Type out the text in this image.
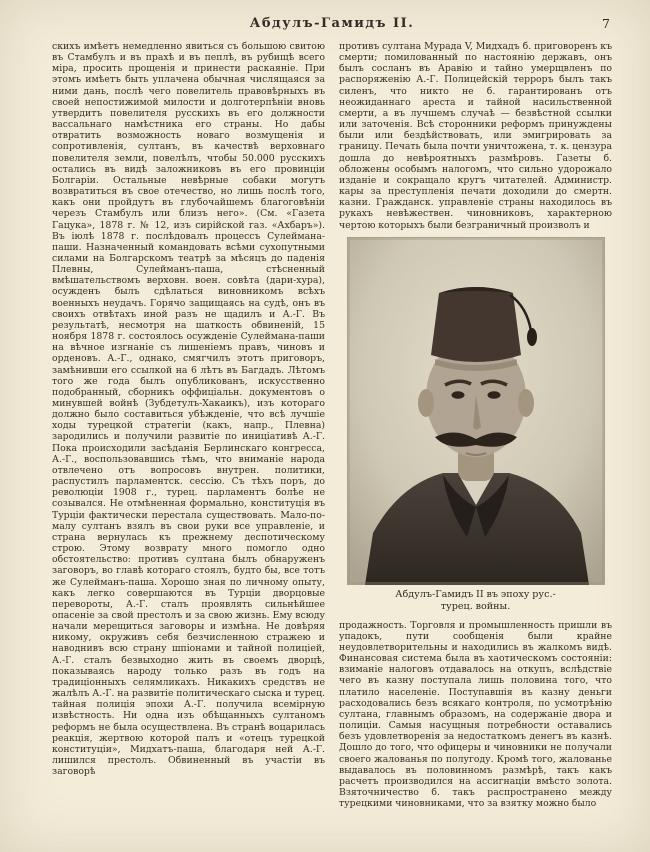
Абдулъ-Гамидъ II.	7
скихъ имѣетъ немедленно явиться съ большою свитою въ Стамбулъ и въ прахѣ и въ пеплѣ, въ рубищѣ всего міра, просить прощенія и принести раскаяніе. При этомъ имѣетъ быть уплачена обычная числящаяся за ними дань, послѣ чего повелитель правовѣрныхъ въ своей непостижимой милости и долготерпѣніи вновь утвердитъ повелителя русскихъ въ его должности вассальнаго намѣстника его страны. Но дабы отвратить возможность новаго возмущенія и сопротивленія, султанъ, въ качествѣ верховнаго повелителя земли, повелѣлъ, чтобы 50.000 русскихъ остались въ видѣ заложниковъ въ его провинціи Болгаріи. Остальные невѣрные собаки могутъ возвратиться въ свое отечество, но лишь послѣ того, какъ они пройдутъ въ глубочайшемъ благоговѣніи черезъ Стамбулъ или близъ него». (См. «Газета Гацука», 1878 г. № 12, изъ сирійской газ. «Ахбаръ»). Въ іюлѣ 1878 г. послѣдовалъ процессъ Сулеймана-паши. Назначенный командовать всѣми сухопутными силами на Болгарскомъ театрѣ за мѣсяцъ до паденія Плевны, Сулейманъ-паша, стѣсненный вмѣшательствомъ верховн. воен. совѣта (дари-хура), осужденъ былъ сдѣлаться виновникомъ всѣхъ военныхъ неудачъ. Горячо защищаясь на судѣ, онъ въ своихъ отвѣтахъ иной разъ не щадилъ и А.-Г. Въ результатѣ, несмотря на шаткость обвиненій, 15 ноября 1878 г. состоялось осужденіе Сулеймана-паши на вѣчное изгнаніе съ лишеніемъ правъ, чиновъ и орденовъ. А.-Г., однако, смягчилъ этотъ приговоръ, замѣнивши его ссылкой на 6 лѣтъ въ Багдадъ. Лѣтомъ того же года былъ опубликованъ, искусственно подобранный, сборникъ оффиціальн. документовъ о минувшей войнѣ (Зубдетулъ-Хакаикъ), изъ котораго должно было составиться убѣжденіе, что всѣ лучшіе ходы турецкой стратегіи (какъ, напр., Плевна) зародились и получили развитіе по иниціативѣ А.-Г. Пока происходили засѣданія Берлинскаго конгресса, А.-Г., воспользовавшись тѣмъ, что вниманіе народа отвлечено отъ вопросовъ внутрен. политики, распустилъ парламентск. сессію. Съ тѣхъ поръ, до революціи 1908 г., турец. парламентъ болѣе не созывался. Не отмѣненная формально, конституція въ Турціи фактически перестала существовать. Мало-по-малу султанъ взялъ въ свои руки все управленіе, и страна вернулась къ прежнему деспотическому строю. Этому возврату много помогло одно обстоятельство: противъ султана былъ обнаруженъ заговоръ, во главѣ котораго стоялъ, будто бы, все тотъ же Сулейманъ-паша. Хорошо зная по личному опыту, какъ легко совершаются въ Турціи дворцовые перевороты, А.-Г. сталъ проявлять сильнѣйшее опасеніе за свой престолъ и за свою жизнь. Ему всюду начали мерещиться заговоры и измѣна. Не довѣряя никому, окруживъ себя безчисленною стражею и наводнивъ всю страну шпіонами и тайной полиціей, А.-Г. сталъ безвыходно жить въ своемъ дворцѣ, показываясь народу только разъ въ годъ на традиціонныхъ селямликахъ. Никакихъ средствъ не жалѣлъ А.-Г. на развитіе политическаго сыска и турец. тайная полиція эпохи А.-Г. получила всемірную извѣстность. Ни одна изъ обѣщанныхъ султаномъ реформъ не была осуществлена. Въ странѣ воцарилась реакція, жертвою которой палъ и «отецъ турецкой конституціи», Мидхатъ-паша, благодаря ней А.-Г. лишился престолъ. Обвиненный въ участіи въ заговорѣ
противъ султана Мурада V, Мидхадъ б. приговоренъ къ смерти; помилованный по настоянію державъ, онъ былъ сосланъ въ Аравію и тайно умерщвленъ по распоряженію А.-Г. Полицейскій терроръ былъ такъ силенъ, что никто не б. гарантированъ отъ неожиданнаго ареста и тайной насильственной смерти, а въ лучшемъ случаѣ — безвѣстной ссылки или заточенія. Всѣ сторонники реформъ принуждены были или бездѣйствовать, или эмигрировать за границу. Печать была почти уничтожена, т. к. цензура дошла до невѣроятныхъ размѣровъ. Газеты б. обложены особымъ налогомъ, что сильно удорожало изданіе и сокращало кругъ читателей. Администр. кары за преступленія печати доходили до смертн. казни. Гражданск. управленіе страны находилось въ рукахъ невѣжествен. чиновниковъ, характерною чертою которыхъ были безграничный произволъ и
Абдулъ-Гамидъ II въ эпоху рус.-
турец. войны.
продажность. Торговля и промышленность пришли въ упадокъ, пути сообщенія были крайне неудовлетворительны и находились въ жалкомъ видѣ. Финансовая система была въ хаотическомъ состояніи: взиманіе налоговъ отдавалось на откупъ, вслѣдствіе чего въ казну поступала лишь половина того, что платило населеніе. Поступавшія въ казну деньги расходовались безъ всякаго контроля, по усмотрѣнію султана, главнымъ образомъ, на содержаніе двора и полиціи. Самыя насущныя потребности оставались безъ удовлетворенія за недостаткомъ денегъ въ казнѣ. Дошло до того, что офицеры и чиновники не получали своего жалованья по полугоду. Кромѣ того, жалованье выдавалось въ половинномъ размѣрѣ, такъ какъ расчетъ производился на ассигнаціи вмѣсто золота. Взяточничество б. такъ распространено между турецкими чиновниками, что за взятку можно было
